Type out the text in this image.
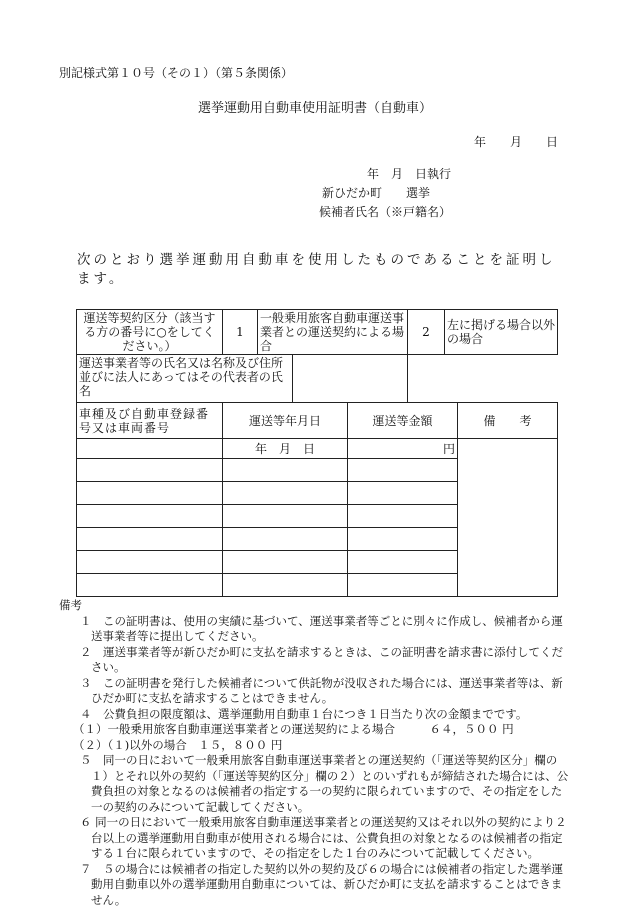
別記様式第１０号（その１）（第５条関係）
選挙運動用自動車使用証明書（自動車）
年　　月　　日
年　月　日執行
新ひだか町　　選挙
候補者氏名（※戸籍名）
次のとおり選挙運動用自動車を使用したものであることを証明します。
運送等契約区分（該当する方の番号に○をしてください。）	1	一般乗用旅客自動車運送事業者との運送契約による場合	2	左に掲げる場合以外の場合

運送事業者等の氏名又は名称及び住所並びに法人にあってはその代表者の氏名				

車種及び自動車登録番号又は車両番号	運送等年月日	運送等金額	備　　考
	年　月　日	円	

備考
１　この証明書は、使用の実績に基づいて、運送事業者等ごとに別々に作成し、候補者から運送事業者等に提出してください。
２　運送事業者等が新ひだか町に支払を請求するときは、この証明書を請求書に添付してください。
３　この証明書を発行した候補者について供託物が没収された場合には、運送事業者等は、新ひだか町に支払を請求することはできません。
４　公費負担の限度額は、選挙運動用自動車１台につき１日当たり次の金額までです。
（１）一般乗用旅客自動車運送事業者との運送契約による場合　　　６４，５００ 円
（２）（１)以外の場合　１５，８００ 円
５　同一の日において一般乗用旅客自動車運送事業者との運送契約（「運送等契約区分」欄の１）とそれ以外の契約（「運送等契約区分」欄の２）とのいずれもが締結された場合には、公費負担の対象となるのは候補者の指定する一の契約に限られていますので、その指定をした一の契約のみについて記載してください。
６ 同一の日において一般乗用旅客自動車運送事業者との運送契約又はそれ以外の契約により２台以上の選挙運動用自動車が使用される場合には、公費負担の対象となるのは候補者の指定する１台に限られていますので、その指定をした１台のみについて記載してください。
７　５の場合には候補者の指定した契約以外の契約及び６の場合には候補者の指定した選挙運動用自動車以外の選挙運動用自動車については、新ひだか町に支払を請求することはできません。
